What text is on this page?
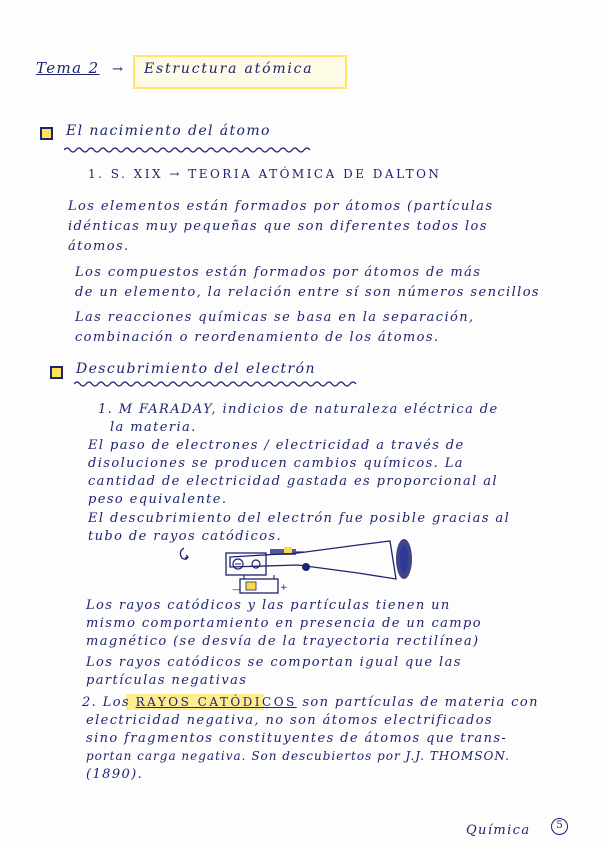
Tema 2 → Estructura atómica
El nacimiento del átomo
1. S. XIX → TEORIA ATÓMICA DE DALTON
Los elementos están formados por átomos (partículas
idénticas muy pequeñas que son diferentes todos los
átomos.
Los compuestos están formados por átomos de más
de un elemento, la relación entre sí son números sencillos
Las reacciones químicas se basa en la separación,
combinación o reordenamiento de los átomos.
Descubrimiento del electrón
1. M FARADAY, indicios de naturaleza eléctrica de
la materia.
El paso de electrones / electricidad a través de
disoluciones se producen cambios químicos. La
cantidad de electricidad gastada es proporcional al
peso equivalente.
El descubrimiento del electrón fue posible gracias al
tubo de rayos catódicos.
—	+
Los rayos catódicos y las partículas tienen un
mismo comportamiento en presencia de un campo
magnético (se desvía de la trayectoria rectilínea)
Los rayos catódicos se comportan igual que las
partículas negativas
2. Los RAYOS CATÓDICOS son partículas de materia con
electricidad negativa, no son átomos electrificados
sino fragmentos constituyentes de átomos que trans-
portan carga negativa. Son descubiertos por J.J. THOMSON.
(1890).
Química	5
